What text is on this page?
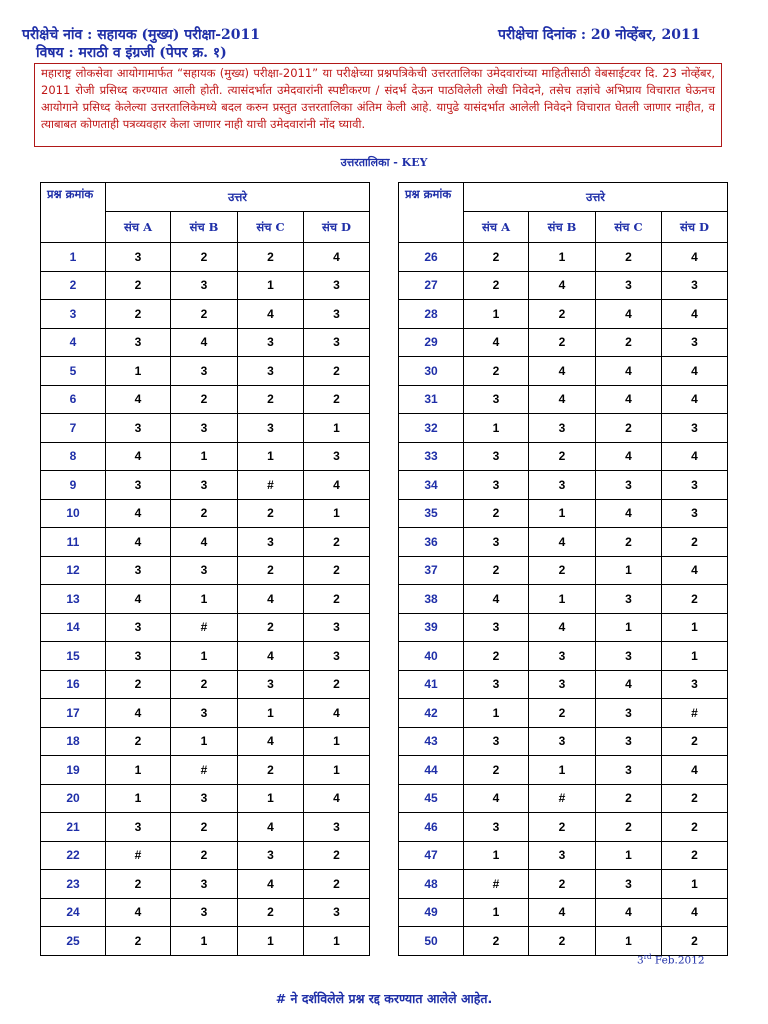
परीक्षेचे नांव : सहायक (मुख्य) परीक्षा-2011	परीक्षेचा दिनांक : 20 नोव्हेंबर, 2011
विषय : मराठी व इंग्रजी (पेपर क्र. १)
महाराष्ट्र लोकसेवा आयोगामार्फत “सहायक (मुख्य) परीक्षा-2011” या परीक्षेच्या प्रश्नपत्रिकेची उत्तरतालिका उमेदवारांच्या माहितीसाठी वेबसाईटवर दि. 23 नोव्हेंबर, 2011 रोजी प्रसिध्द करण्यात आली होती. त्यासंदर्भात उमेदवारांनी स्पष्टीकरण / संदर्भ देऊन पाठविलेली लेखी निवेदने, तसेच तज्ञांचे अभिप्राय विचारात घेऊनच आयोगाने प्रसिध्द केलेल्या उत्तरतालिकेमध्ये बदल करुन प्रस्तुत उत्तरतालिका अंतिम केली आहे. यापुढे यासंदर्भात आलेली निवेदने विचारात घेतली जाणार नाहीत, व त्याबाबत कोणताही पत्रव्यवहार केला जाणार नाही याची उमेदवारांनी नोंद घ्यावी.
उत्तरतालिका - KEY
प्रश्न क्रमांक	उत्तरे			
	संच A	संच B	संच C	संच D
1	3	2	2	4
2	2	3	1	3
3	2	2	4	3
4	3	4	3	3
5	1	3	3	2
6	4	2	2	2
7	3	3	3	1
8	4	1	1	3
9	3	3	#	4
10	4	2	2	1
11	4	4	3	2
12	3	3	2	2
13	4	1	4	2
14	3	#	2	3
15	3	1	4	3
16	2	2	3	2
17	4	3	1	4
18	2	1	4	1
19	1	#	2	1
20	1	3	1	4
21	3	2	4	3
22	#	2	3	2
23	2	3	4	2
24	4	3	2	3
25	2	1	1	1
प्रश्न क्रमांक	उत्तरे			
	संच A	संच B	संच C	संच D
26	2	1	2	4
27	2	4	3	3
28	1	2	4	4
29	4	2	2	3
30	2	4	4	4
31	3	4	4	4
32	1	3	2	3
33	3	2	4	4
34	3	3	3	3
35	2	1	4	3
36	3	4	2	2
37	2	2	1	4
38	4	1	3	2
39	3	4	1	1
40	2	3	3	1
41	3	3	4	3
42	1	2	3	#
43	3	3	3	2
44	2	1	3	4
45	4	#	2	2
46	3	2	2	2
47	1	3	1	2
48	#	2	3	1
49	1	4	4	4
50	2	2	1	2
3rd Feb.2012
# ने दर्शविलेले प्रश्न रद्द करण्यात आलेले आहेत.
